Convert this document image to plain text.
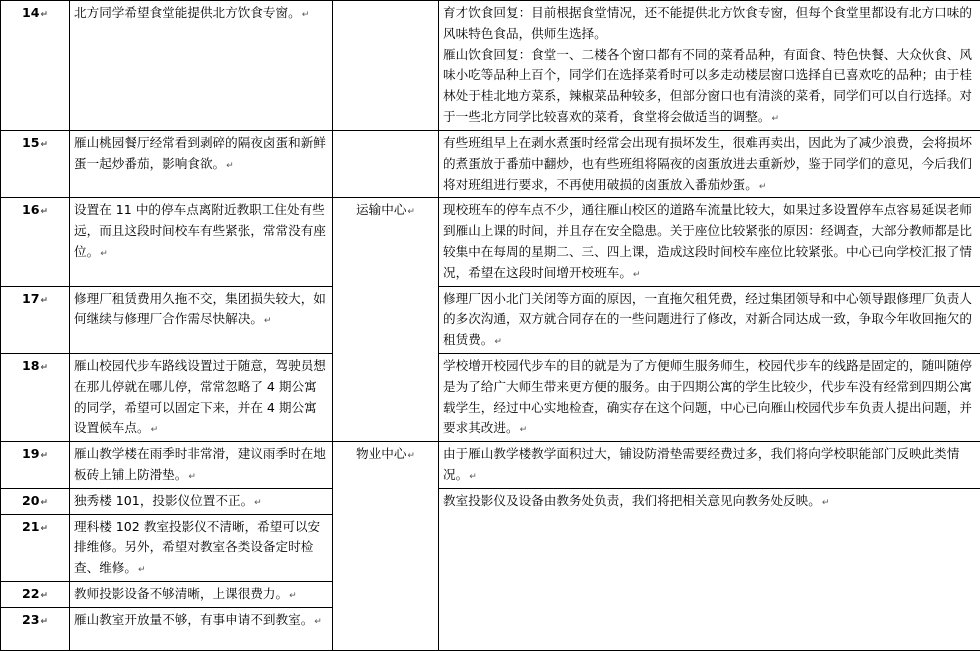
14↵	北方同学希望食堂能提供北方饮食专窗。↵		育才饮食回复：目前根据食堂情况，还不能提供北方饮食专窗，但每个食堂里都设有北方口味的风味特色食品，供师生选择。
雁山饮食回复：食堂一、二楼各个窗口都有不同的菜肴品种，有面食、特色快餐、大众伙食、风味小吃等品种上百个，同学们在选择菜肴时可以多走动楼层窗口选择自已喜欢吃的品种；由于桂林处于桂北地方菜系，辣椒菜品种较多，但部分窗口也有清淡的菜肴，同学们可以自行选择。对于一些北方同学比较喜欢的菜肴，食堂将会做适当的调整。↵

15↵	雁山桃园餐厅经常看到剥碎的隔夜卤蛋和新鲜蛋一起炒番茄，影响食欲。↵		有些班组早上在剥水煮蛋时经常会出现有损坏发生，很难再卖出，因此为了减少浪费，会将损坏的煮蛋放于番茄中翻炒，也有些班组将隔夜的卤蛋放进去重新炒，鉴于同学们的意见，今后我们将对班组进行要求，不再使用破损的卤蛋放入番茄炒蛋。↵
16↵	设置在 11 中的停车点离附近教职工住处有些远，而且这段时间校车有些紧张，常常没有座位。↵	运输中心↵	现校班车的停车点不少，通往雁山校区的道路车流量比较大，如果过多设置停车点容易延误老师到雁山上课的时间，并且存在安全隐患。关于座位比较紧张的原因：经调查，大部分教师都是比较集中在每周的星期二、三、四上课，造成这段时间校车座位比较紧张。中心已向学校汇报了情况，希望在这段时间增开校班车。↵
17↵	修理厂租赁费用久拖不交，集团损失较大，如何继续与修理厂合作需尽快解决。↵		修理厂因小北门关闭等方面的原因，一直拖欠租凭费，经过集团领导和中心领导跟修理厂负责人的多次沟通，双方就合同存在的一些问题进行了修改，对新合同达成一致，争取今年收回拖欠的租赁费。↵
18↵	雁山校园代步车路线设置过于随意，驾驶员想在那儿停就在哪儿停，常常忽略了 4 期公寓的同学，希望可以固定下来，并在 4 期公寓设置候车点。↵		学校增开校园代步车的目的就是为了方便师生服务师生，校园代步车的线路是固定的，随叫随停是为了给广大师生带来更方便的服务。由于四期公寓的学生比较少，代步车没有经常到四期公寓载学生，经过中心实地检查，确实存在这个问题，中心已向雁山校园代步车负责人提出问题，并要求其改进。↵
19↵	雁山教学楼在雨季时非常滑，建议雨季时在地板砖上铺上防滑垫。↵	物业中心↵	由于雁山教学楼教学面积过大，铺设防滑垫需要经费过多，我们将向学校职能部门反映此类情况。↵
20↵	独秀楼 101，投影仪位置不正。↵		教室投影仪及设备由教务处负责，我们将把相关意见向教务处反映。↵
21↵	理科楼 102 教室投影仪不清晰，希望可以安排维修。另外，希望对教室各类设备定时检查、维修。↵		
22↵	教师投影设备不够清晰，上课很费力。↵		
23↵	雁山教室开放量不够，有事申请不到教室。↵		
